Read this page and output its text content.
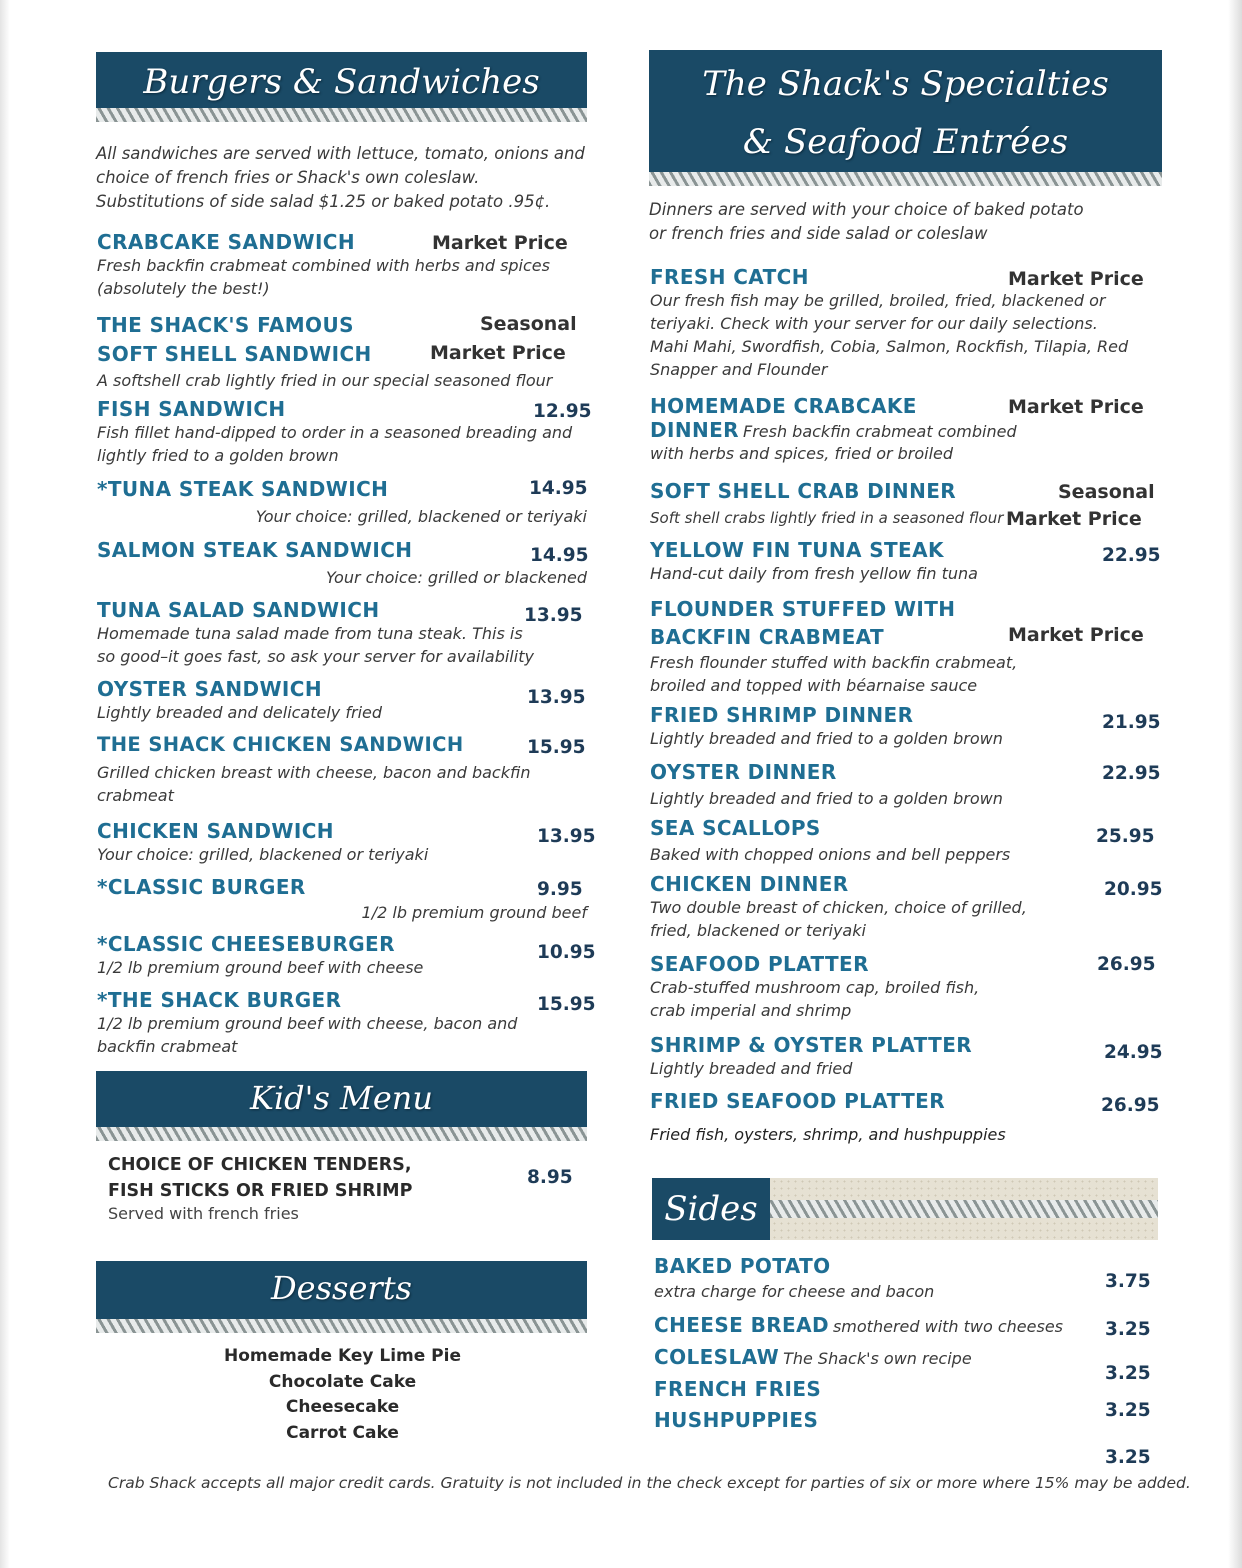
Burgers & Sandwiches
All sandwiches are served with lettuce, tomato, onions and choice of french fries or Shack's own coleslaw. Substitutions of side salad $1.25 or baked potato .95¢.
CRABCAKE SANDWICH
Fresh backfin crabmeat combined with herbs and spices (absolutely the best!)
Market Price
THE SHACK'S FAMOUS
SOFT SHELL SANDWICH
A softshell crab lightly fried in our special seasoned flour
Seasonal
Market Price
FISH SANDWICH
Fish fillet hand-dipped to order in a seasoned breading and lightly fried to a golden brown
12.95
*TUNA STEAK SANDWICH
Your choice: grilled, blackened or teriyaki
14.95
SALMON STEAK SANDWICH
Your choice: grilled or blackened
14.95
TUNA SALAD SANDWICH
Homemade tuna salad made from tuna steak. This is so good–it goes fast, so ask your server for availability
13.95
OYSTER SANDWICH
Lightly breaded and delicately fried
13.95
THE SHACK CHICKEN SANDWICH
Grilled chicken breast with cheese, bacon and backfin crabmeat
15.95
CHICKEN SANDWICH
Your choice: grilled, blackened or teriyaki
13.95
*CLASSIC BURGER
1/2 lb premium ground beef
9.95
*CLASSIC CHEESEBURGER
1/2 lb premium ground beef with cheese
10.95
*THE SHACK BURGER
1/2 lb premium ground beef with cheese, bacon and backfin crabmeat
15.95
Kid's Menu
CHOICE OF CHICKEN TENDERS,
FISH STICKS OR FRIED SHRIMP
Served with french fries
8.95
Desserts
Homemade Key Lime Pie
Chocolate Cake
Cheesecake
Carrot Cake
The Shack's Specialties
& Seafood Entrées
Dinners are served with your choice of baked potato or french fries and side salad or coleslaw
FRESH CATCH
Our fresh fish may be grilled, broiled, fried, blackened or teriyaki. Check with your server for our daily selections. Mahi Mahi, Swordfish, Cobia, Salmon, Rockfish, Tilapia, Red Snapper and Flounder
Market Price
HOMEMADE CRABCAKE
DINNER Fresh backfin crabmeat combined
with herbs and spices, fried or broiled
Market Price
SOFT SHELL CRAB DINNER
Soft shell crabs lightly fried in a seasoned flour
Seasonal
Market Price
YELLOW FIN TUNA STEAK
Hand-cut daily from fresh yellow fin tuna
22.95
FLOUNDER STUFFED WITH
BACKFIN CRABMEAT
Fresh flounder stuffed with backfin crabmeat, broiled and topped with béarnaise sauce
Market Price
FRIED SHRIMP DINNER
Lightly breaded and fried to a golden brown
21.95
OYSTER DINNER
Lightly breaded and fried to a golden brown
22.95
SEA SCALLOPS
Baked with chopped onions and bell peppers
25.95
CHICKEN DINNER
Two double breast of chicken, choice of grilled, fried, blackened or teriyaki
20.95
SEAFOOD PLATTER
Crab-stuffed mushroom cap, broiled fish, crab imperial and shrimp
26.95
SHRIMP & OYSTER PLATTER
Lightly breaded and fried
24.95
FRIED SEAFOOD PLATTER
Fried fish, oysters, shrimp, and hushpuppies
26.95
Sides
BAKED POTATO
extra charge for cheese and bacon	3.75
CHEESE BREAD smothered with two cheeses	3.25
COLESLAW The Shack's own recipe
3.25
FRENCH FRIES
3.25
HUSHPUPPIES
3.25
Crab Shack accepts all major credit cards. Gratuity is not included in the check except for parties of six or more where 15% may be added.
